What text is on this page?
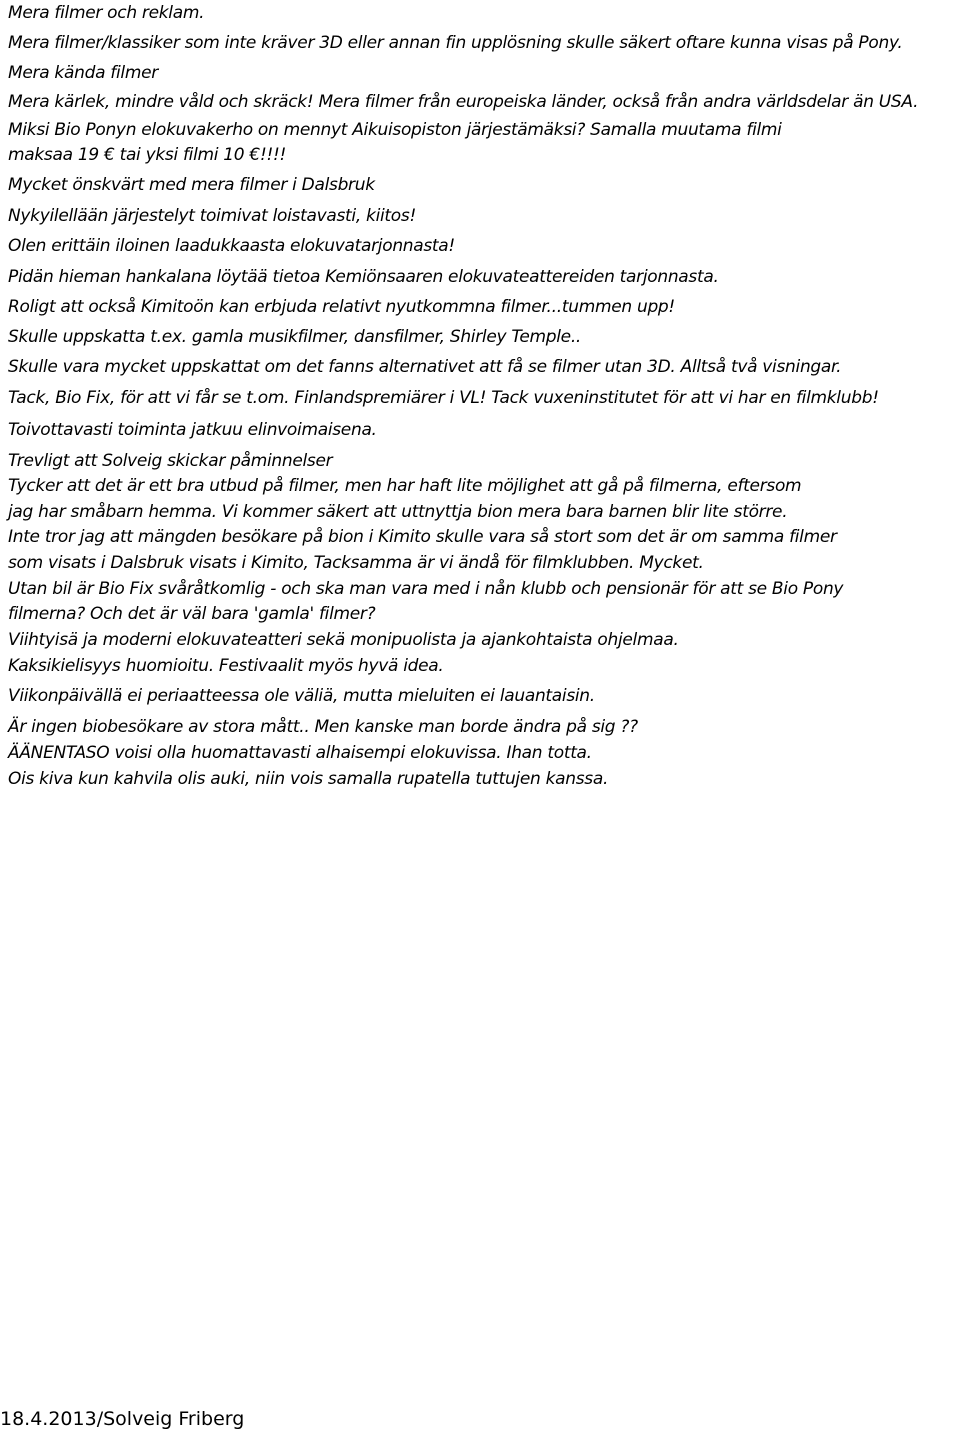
Mera filmer och reklam.
Mera filmer/klassiker som inte kräver 3D eller annan fin upplösning skulle säkert oftare kunna visas på Pony.
Mera kända filmer
Mera kärlek, mindre våld och skräck! Mera filmer från europeiska länder, också från andra världsdelar än USA.
Miksi Bio Ponyn elokuvakerho on mennyt Aikuisopiston järjestämäksi? Samalla muutama filmi
maksaa 19 € tai yksi filmi 10 €!!!!
Mycket önskvärt med mera filmer i Dalsbruk
Nykyilellään järjestelyt toimivat loistavasti, kiitos!
Olen erittäin iloinen laadukkaasta elokuvatarjonnasta!
Pidän hieman hankalana löytää tietoa Kemiönsaaren elokuvateattereiden tarjonnasta.
Roligt att också Kimitoön kan erbjuda relativt nyutkommna filmer...tummen upp!
Skulle uppskatta t.ex. gamla musikfilmer, dansfilmer, Shirley Temple..
Skulle vara mycket uppskattat om det fanns alternativet att få se filmer utan 3D. Alltså två visningar.
Tack, Bio Fix, för att vi får se t.om. Finlandspremiärer i VL! Tack vuxeninstitutet för att vi har en filmklubb!
Toivottavasti toiminta jatkuu elinvoimaisena.
Trevligt att Solveig skickar påminnelser
Tycker att det är ett bra utbud på filmer, men har haft lite möjlighet att gå på filmerna, eftersom
jag har småbarn hemma. Vi kommer säkert att uttnyttja bion mera bara barnen blir lite större.
Inte tror jag att mängden besökare på bion i Kimito skulle vara så stort som det är om samma filmer
som visats i Dalsbruk visats i Kimito, Tacksamma är vi ändå för filmklubben. Mycket.
Utan bil är Bio Fix svåråtkomlig - och ska man vara med i nån klubb och pensionär för att se Bio Pony
filmerna? Och det är väl bara 'gamla' filmer?
Viihtyisä ja moderni elokuvateatteri sekä monipuolista ja ajankohtaista ohjelmaa.
Kaksikielisyys huomioitu. Festivaalit myös hyvä idea.
Viikonpäivällä ei periaatteessa ole väliä, mutta mieluiten ei lauantaisin.
Är ingen biobesökare av stora mått.. Men kanske man borde ändra på sig ??
ÄÄNENTASO voisi olla huomattavasti alhaisempi elokuvissa. Ihan totta.
Ois kiva kun kahvila olis auki, niin vois samalla rupatella tuttujen kanssa.
18.4.2013/Solveig Friberg
